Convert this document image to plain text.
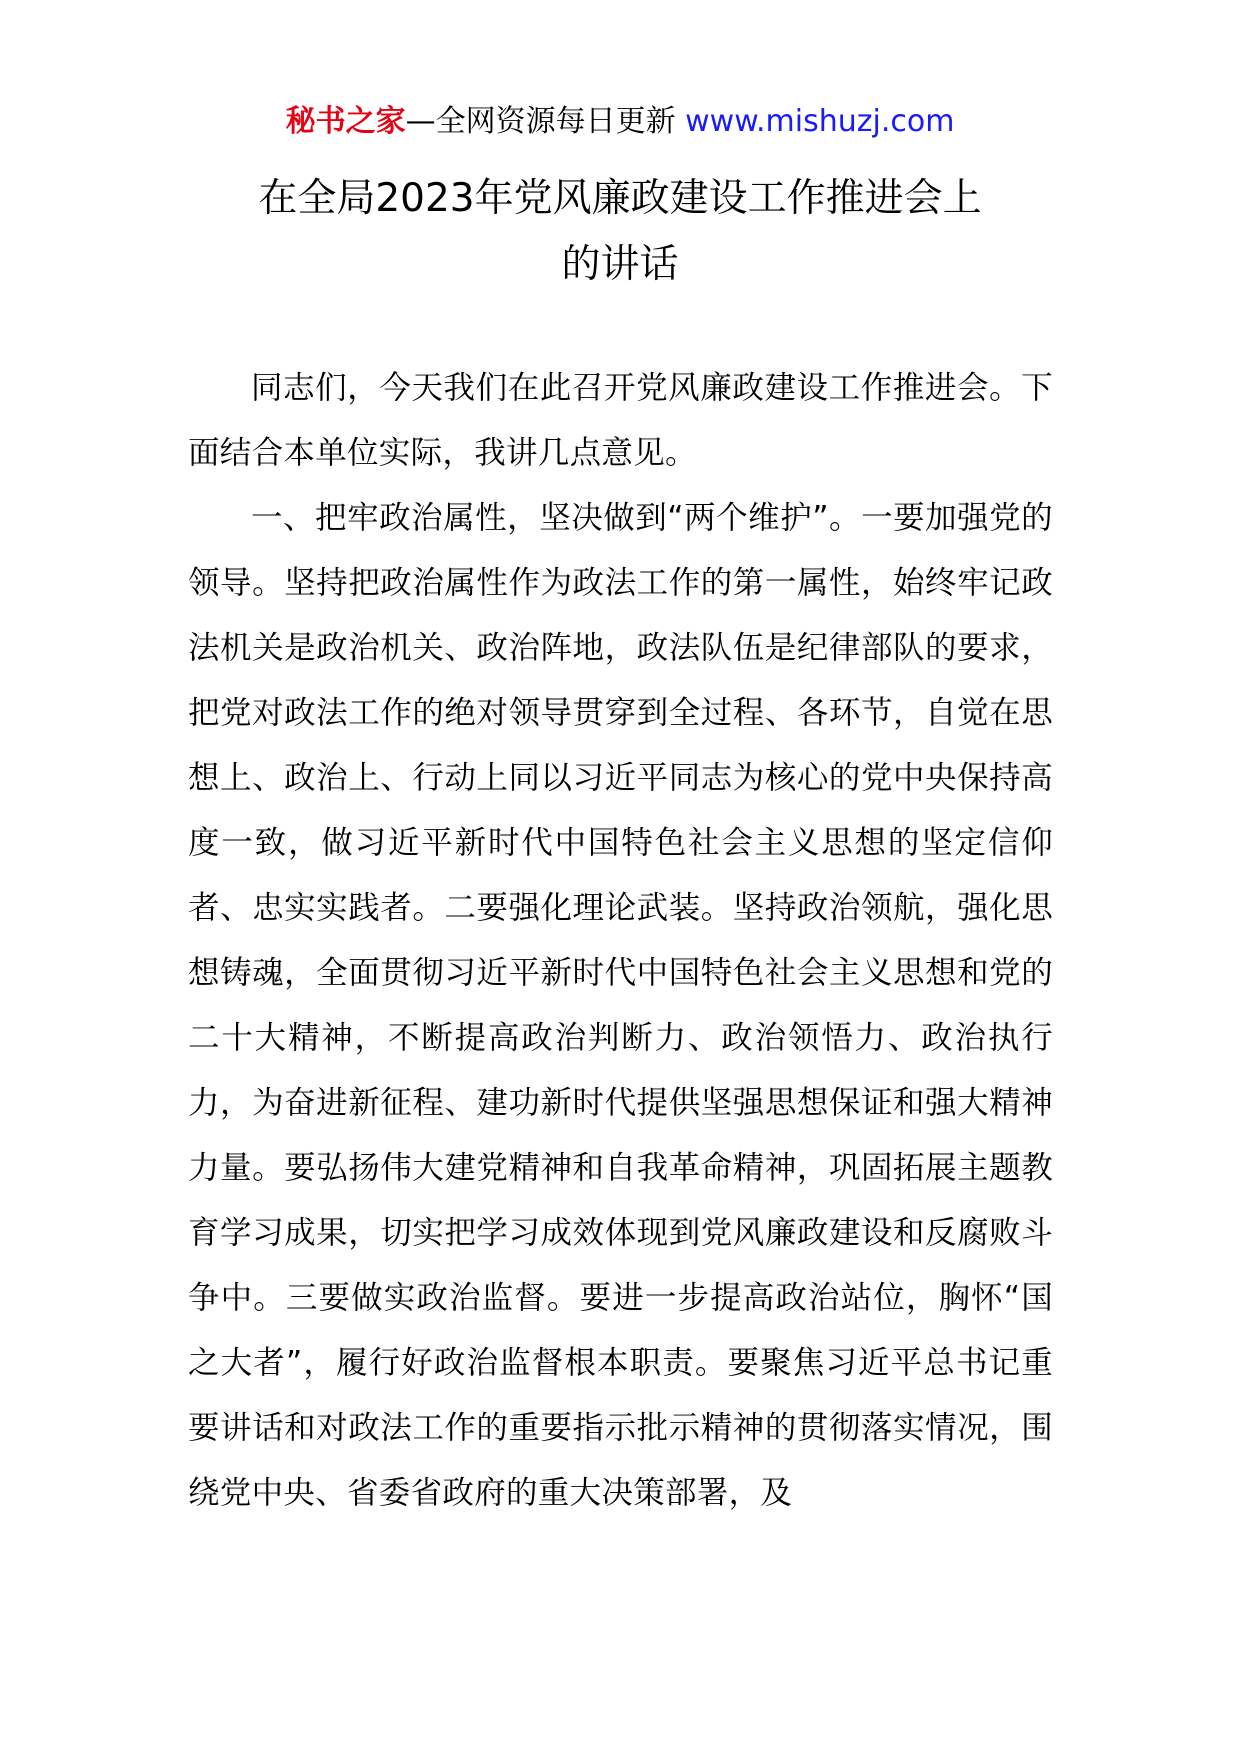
秘书之家—全网资源每日更新 www.mishuzj.com
在全局2023年党风廉政建设工作推进会上
的讲话

同志们，今天我们在此召开党风廉政建设工作推进会。下面结合本单位实际，我讲几点意见。

一、把牢政治属性，坚决做到“两个维护”。一要加强党的领导。坚持把政治属性作为政法工作的第一属性，始终牢记政法机关是政治机关、政治阵地，政法队伍是纪律部队的要求，把党对政法工作的绝对领导贯穿到全过程、各环节，自觉在思想上、政治上、行动上同以习近平同志为核心的党中央保持高度一致，做习近平新时代中国特色社会主义思想的坚定信仰者、忠实实践者。二要强化理论武装。坚持政治领航，强化思想铸魂，全面贯彻习近平新时代中国特色社会主义思想和党的二十大精神，不断提高政治判断力、政治领悟力、政治执行力，为奋进新征程、建功新时代提供坚强思想保证和强大精神力量。要弘扬伟大建党精神和自我革命精神，巩固拓展主题教育学习成果，切实把学习成效体现到党风廉政建设和反腐败斗争中。三要做实政治监督。要进一步提高政治站位，胸怀“国之大者”，履行好政治监督根本职责。要聚焦习近平总书记重要讲话和对政法工作的重要指示批示精神的贯彻落实情况，围绕党中央、省委省政府的重大决策部署，及
